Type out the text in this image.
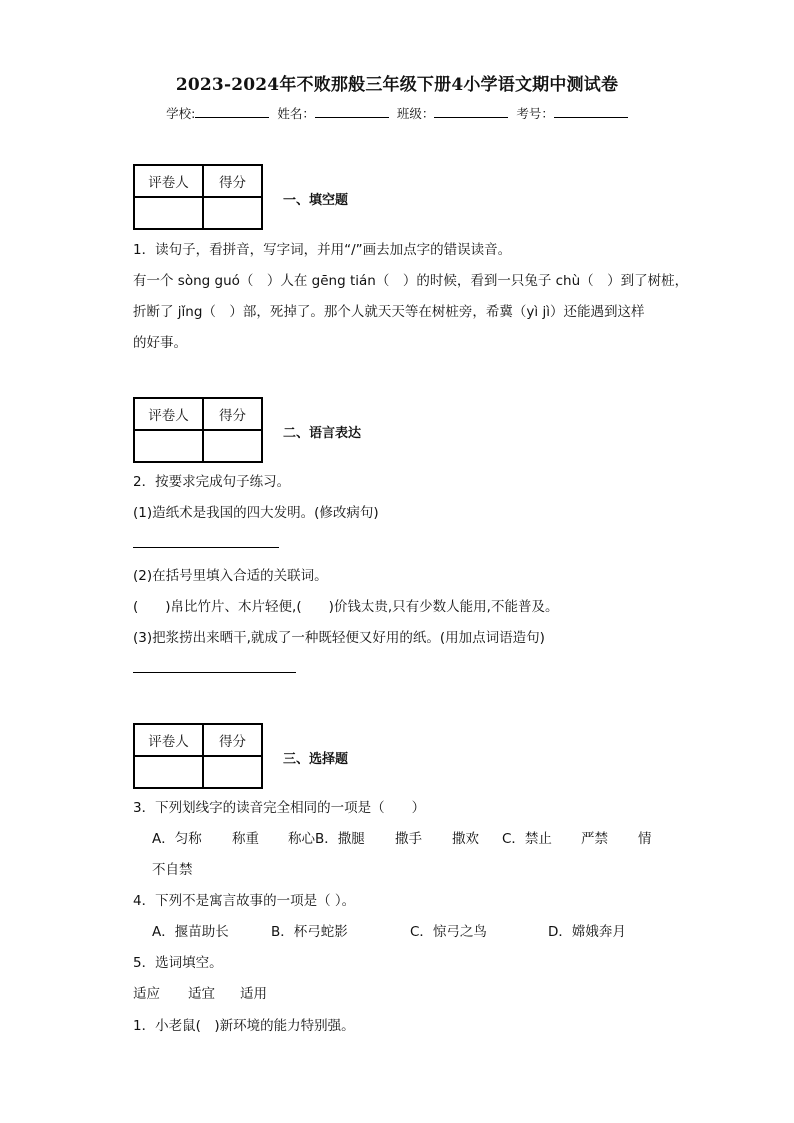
2023-2024年不败那般三年级下册4小学语文期中测试卷
学校:	姓名：	班级：	考号：
评卷人	得分

一、填空题
1．读句子，看拼音，写字词，并用“/”画去加点字的错误读音。
有一个 sòng guó（　）人在 gēng tián（　）的时候，看到一只兔子 chù（　）到了树桩，
折断了 jǐng（　）部，死掉了。那个人就天天等在树桩旁，希冀（yì jì）还能遇到这样
的好事。
评卷人	得分

二、语言表达
2．按要求完成句子练习。
(1)造纸术是我国的四大发明。(修改病句)
(2)在括号里填入合适的关联词。
(　　)帛比竹片、木片轻便,(　　)价钱太贵,只有少数人能用,不能普及。
(3)把浆捞出来晒干,就成了一种既轻便又好用的纸。(用加点词语造句)
评卷人	得分

三、选择题
3．下列划线字的读音完全相同的一项是（　　）
A．匀称 称重 称心B．撒腿 撒手 撒欢 C．禁止 严禁 情
不自禁
4．下列不是寓言故事的一项是（ ）。
A．揠苗助长	B．杯弓蛇影	C．惊弓之鸟	D．嫦娥奔月
5．选词填空。
适应 适宜 适用
1．小老鼠(　)新环境的能力特别强。
